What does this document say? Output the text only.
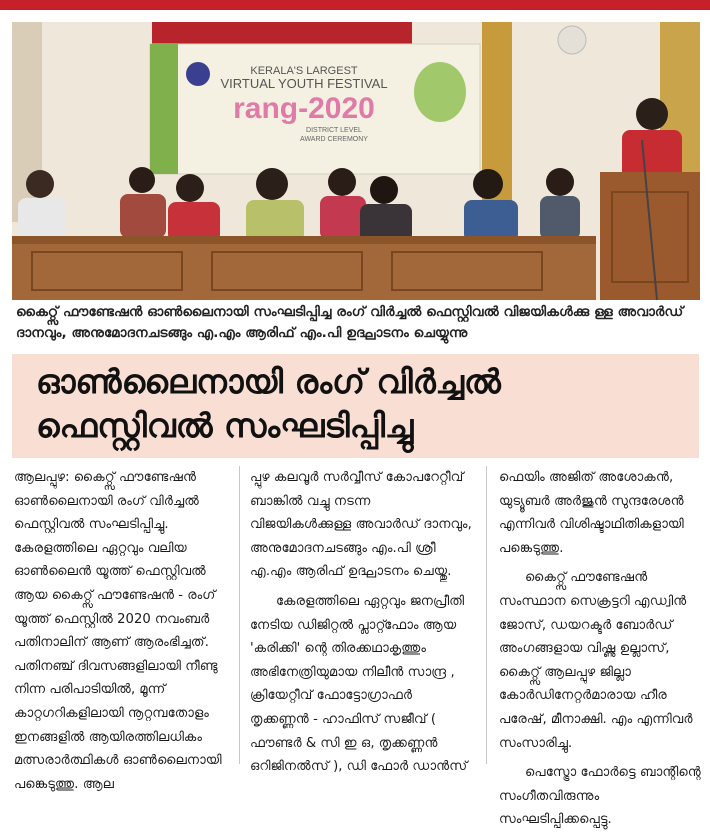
KERALA'S LARGEST
VIRTUAL YOUTH FESTIVAL
rang-2020
DISTRICT LEVEL
AWARD CEREMONY
കൈറ്റ്സ് ഫൗണ്ടേഷൻ ഓൺലൈനായി സംഘടിപ്പിച്ച രംഗ് വിർച്ചൽ ഫെസ്റ്റിവൽ വിജയികൾക്കു ള്ള അവാർഡ് ദാനവും, അനുമോദനചടങ്ങും എ.എം ആരിഫ് എം.പി ഉദ്ഘാടനം ചെയ്യുന്നു
ഓൺലൈനായി രംഗ് വിർച്ചൽ
ഫെസ്റ്റിവൽ സംഘടിപ്പിച്ചു

ആലപ്പുഴ: കൈറ്റ്സ് ഫൗണ്ടേഷൻ ഓൺലൈനായി രംഗ് വിർച്ചൽ ഫെസ്റ്റിവൽ സംഘടിപ്പിച്ചു. കേരളത്തിലെ ഏറ്റവും വലിയ ഓൺലൈൻ യൂത്ത് ഫെസ്റ്റിവൽ ആയ കൈറ്റ്സ് ഫൗണ്ടേഷൻ - രംഗ് യൂത്ത് ഫെസ്റ്റിൽ 2020 നവംബർ പതിനാലിന് ആണ് ആരംഭിച്ചത്. പതിനഞ്ച് ദിവസങ്ങളിലായി നീണ്ടു നിന്ന പരിപാടിയിൽ, മൂന്ന് കാറ്റഗറികളിലായി നൂറ്റമ്പതോളം ഇനങ്ങളിൽ ആയിരത്തിലധികം മത്സരാർത്ഥികൾ ഓൺലൈനായി പങ്കെടുത്തു. ആല

പ്പുഴ കലവൂർ സർവ്വീസ് കോപറേറ്റീവ് ബാങ്കിൽ വച്ചു നടന്ന വിജയികൾക്കുള്ള അവാർഡ് ദാനവും, അനുമോദനചടങ്ങും എം.പി ശ്രീ എ.എം ആരിഫ് ഉദ്ഘാടനം ചെയ്തു.

കേരളത്തിലെ ഏറ്റവും ജനപ്രീതി നേടിയ ഡിജിറ്റൽ പ്ലാറ്റ്ഫോം ആയ 'കരിക്കി' ന്റെ തിരക്കഥാകൃത്തും അഭിനേത്രിയുമായ നിലീൻ സാന്ദ്ര , ക്രിയേറ്റീവ് ഫോട്ടോഗ്രാഫർ തൃക്കണ്ണൻ - ഹാഫിസ് സജീവ് ( ഫൗണ്ടർ & സി ഇ ഒ, തൃക്കണ്ണൻ ഒറിജിനൽസ് ), ഡി ഫോർ ഡാൻസ്

ഫെയിം അജിത് അശോകൻ, യുട്യൂബർ അർജുൻ സുന്ദരേശൻ എന്നിവർ വിശിഷ്ടാഥിതികളായി പങ്കെടുത്തു.

കൈറ്റ്സ് ഫൗണ്ടേഷൻ സംസ്ഥാന സെക്രട്ടറി എഡ്വിൻ ജോസ്, ഡയറക്ടർ ബോർഡ് അംഗങ്ങളായ വിഷ്ണു ഉല്ലാസ്, കൈറ്റ്സ് ആലപ്പുഴ ജില്ലാ കോർഡിനേറ്റർമാരായ ഹീര പരേഷ്, മീനാക്ഷി. എം എന്നിവർ സംസാരിച്ചു.

പെസ്ട്രോ ഫോർട്ടെ ബാന്റിന്റെ സംഗീതവിരുന്നും സംഘടിപ്പിക്കപ്പെട്ടു.
